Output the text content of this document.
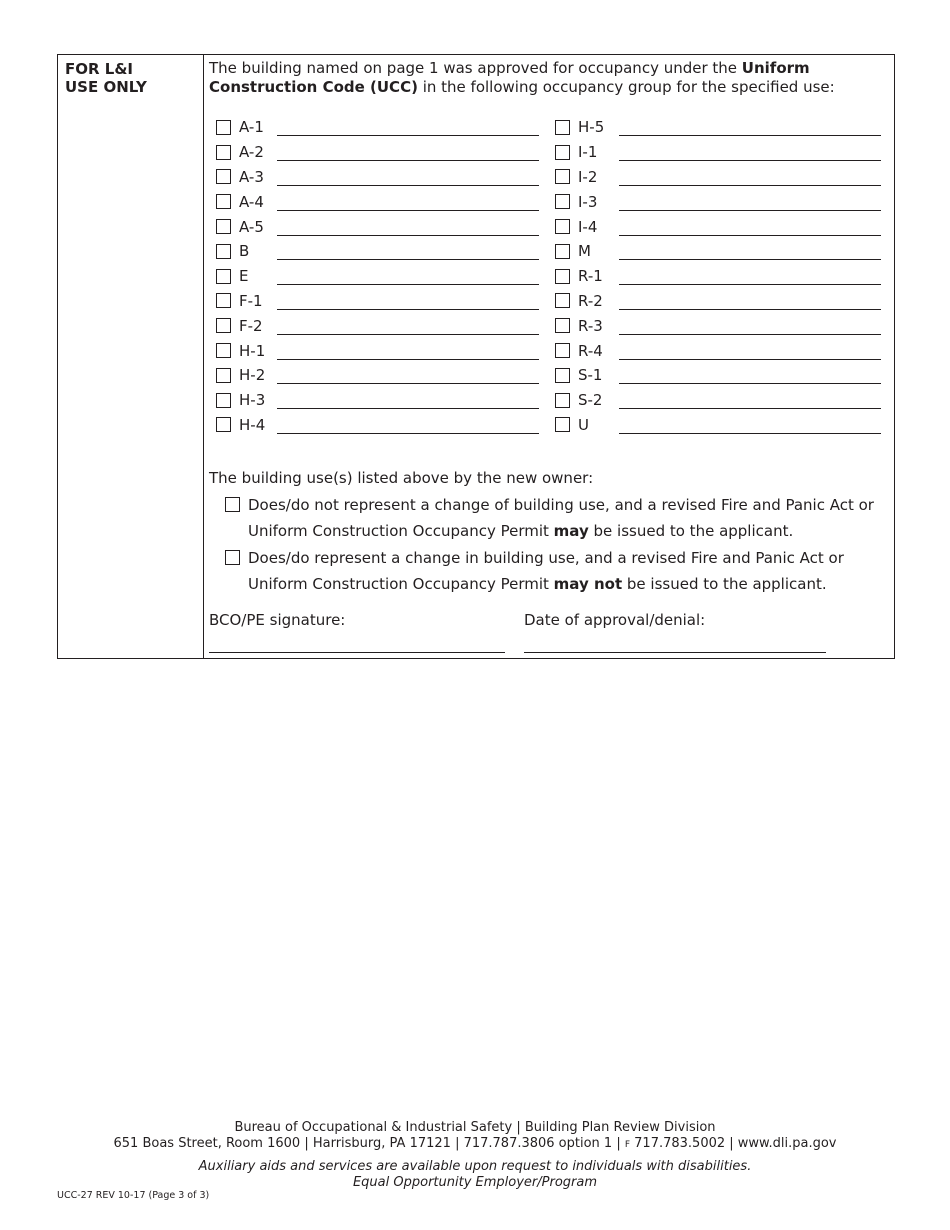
FOR L&I
USE ONLY
The building named on page 1 was approved for occupancy under the Uniform Construction Code (UCC) in the following occupancy group for the specified use:
A-1
A-2
A-3
A-4
A-5
B
E
F-1
F-2
H-1
H-2
H-3
H-4
H-5
I-1
I-2
I-3
I-4
M
R-1
R-2
R-3
R-4
S-1
S-2
U
The building use(s) listed above by the new owner:
Does/do not represent a change of building use, and a revised Fire and Panic Act or Uniform Construction Occupancy Permit may be issued to the applicant.
Does/do represent a change in building use, and a revised Fire and Panic Act or Uniform Construction Occupancy Permit may not be issued to the applicant.
BCO/PE signature:	Date of approval/denial:
Bureau of Occupational & Industrial Safety | Building Plan Review Division
651 Boas Street, Room 1600 | Harrisburg, PA 17121 | 717.787.3806 option 1 | F 717.783.5002 | www.dli.pa.gov
Auxiliary aids and services are available upon request to individuals with disabilities.
Equal Opportunity Employer/Program
UCC-27 REV 10-17 (Page 3 of 3)
